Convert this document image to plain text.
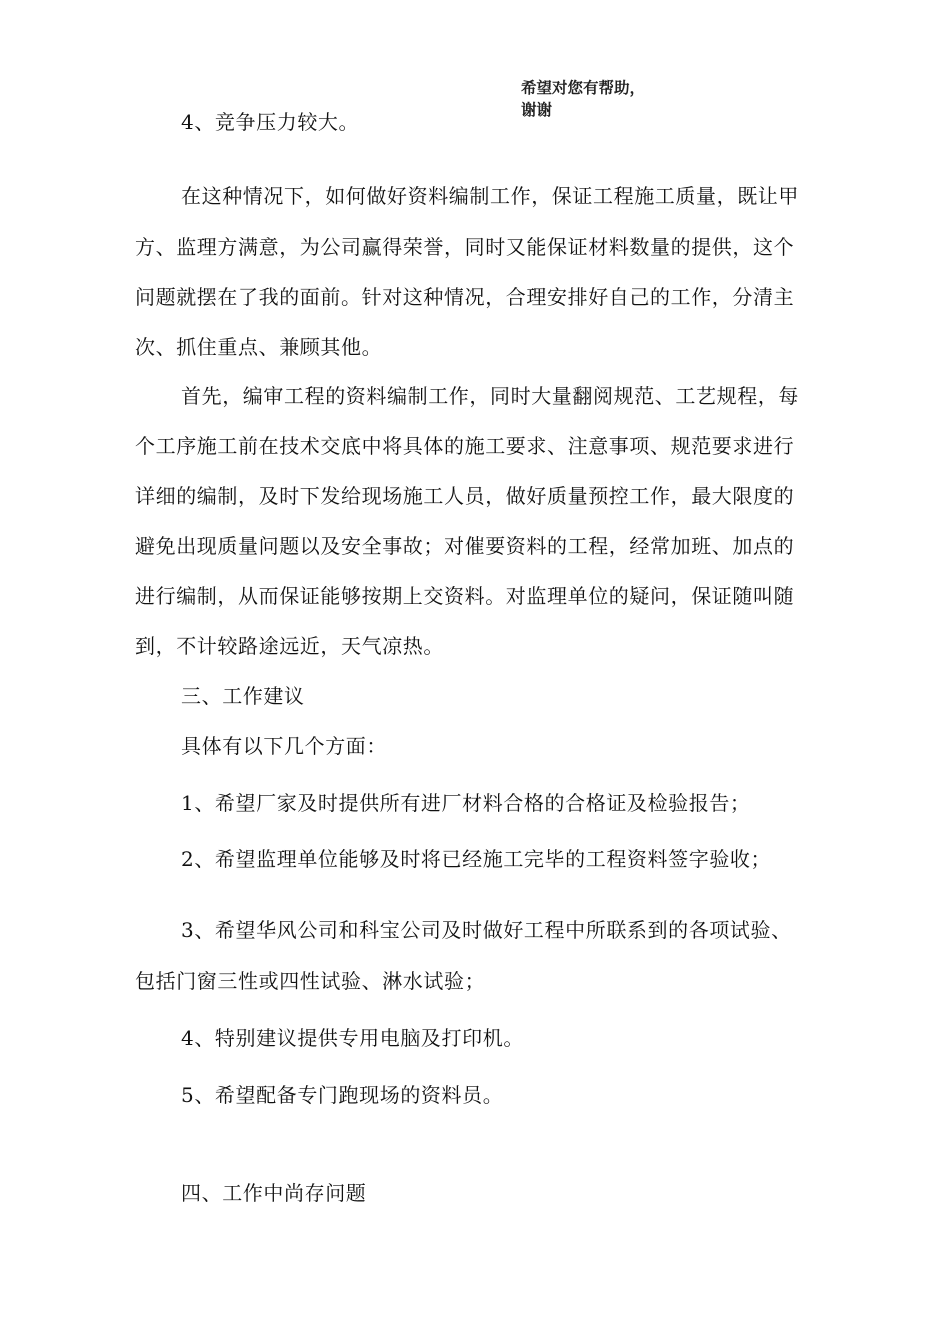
希望对您有帮助，
谢谢
4、竞争压力较大。
在这种情况下，如何做好资料编制工作，保证工程施工质量，既让甲
方、监理方满意，为公司赢得荣誉，同时又能保证材料数量的提供，这个
问题就摆在了我的面前。针对这种情况，合理安排好自己的工作，分清主
次、抓住重点、兼顾其他。
首先，编审工程的资料编制工作，同时大量翻阅规范、工艺规程，每
个工序施工前在技术交底中将具体的施工要求、注意事项、规范要求进行
详细的编制，及时下发给现场施工人员，做好质量预控工作，最大限度的
避免出现质量问题以及安全事故；对催要资料的工程，经常加班、加点的
进行编制，从而保证能够按期上交资料。对监理单位的疑问，保证随叫随
到，不计较路途远近，天气凉热。
三、工作建议
具体有以下几个方面：
1、希望厂家及时提供所有进厂材料合格的合格证及检验报告；
2、希望监理单位能够及时将已经施工完毕的工程资料签字验收；
3、希望华风公司和科宝公司及时做好工程中所联系到的各项试验、
包括门窗三性或四性试验、淋水试验；
4、特别建议提供专用电脑及打印机。
5、希望配备专门跑现场的资料员。
四、工作中尚存问题
